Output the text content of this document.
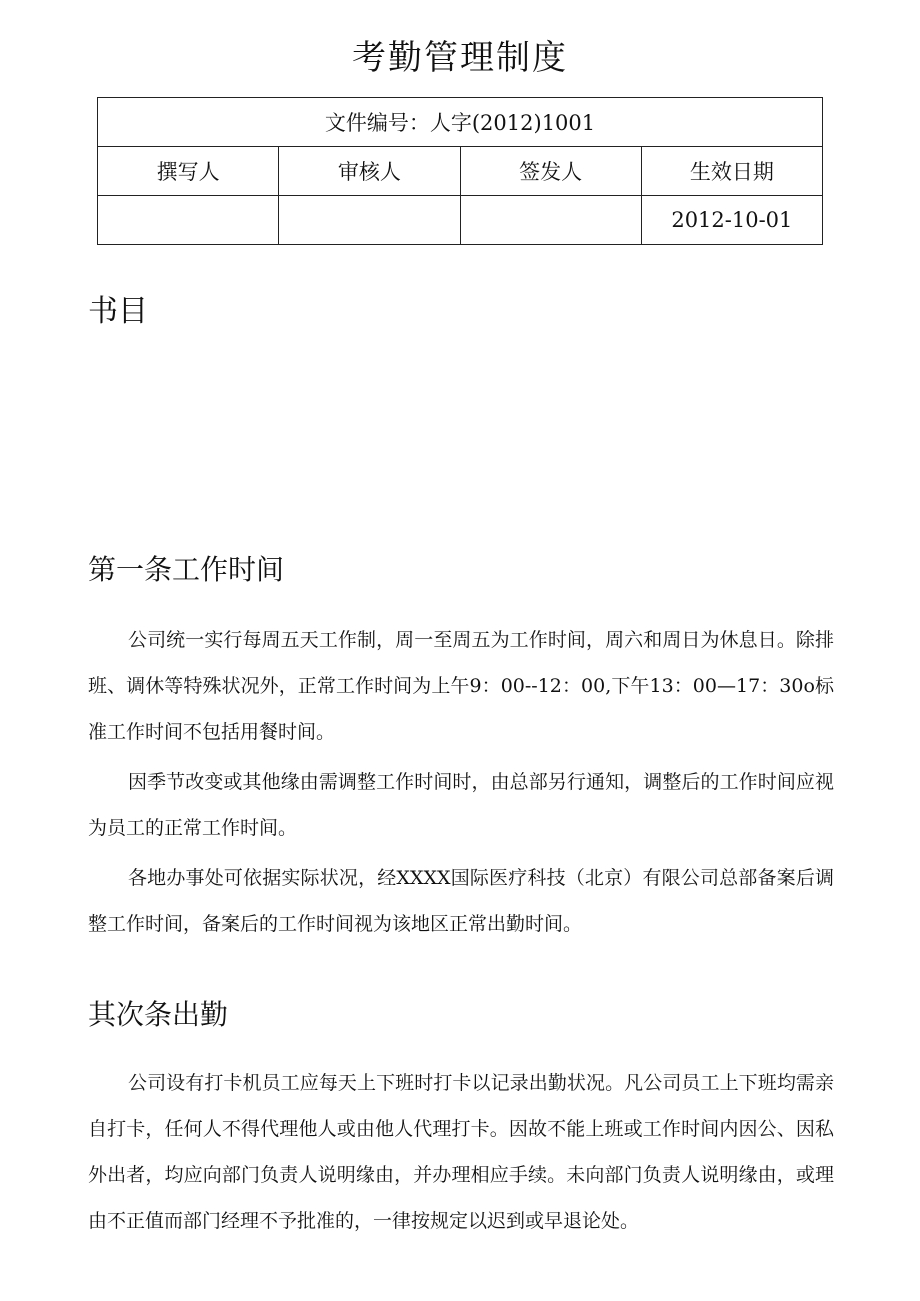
考勤管理制度
文件编号：人字(2012)1001			
撰写人	审核人	签发人	生效日期
			2012-10-01
书目
第一条工作时间

公司统一实行每周五天工作制，周一至周五为工作时间，周六和周日为休息日。除排班、调休等特殊状况外，正常工作时间为上午9：00--12：00,下午13：00—17：30o标准工作时间不包括用餐时间。

因季节改变或其他缘由需调整工作时间时，由总部另行通知，调整后的工作时间应视为员工的正常工作时间。

各地办事处可依据实际状况，经XXXX国际医疗科技（北京）有限公司总部备案后调整工作时间，备案后的工作时间视为该地区正常出勤时间。

其次条出勤

公司设有打卡机员工应每天上下班时打卡以记录出勤状况。凡公司员工上下班均需亲自打卡，任何人不得代理他人或由他人代理打卡。因故不能上班或工作时间内因公、因私外出者，均应向部门负责人说明缘由，并办理相应手续。未向部门负责人说明缘由，或理由不正值而部门经理不予批准的，一律按规定以迟到或早退论处。
